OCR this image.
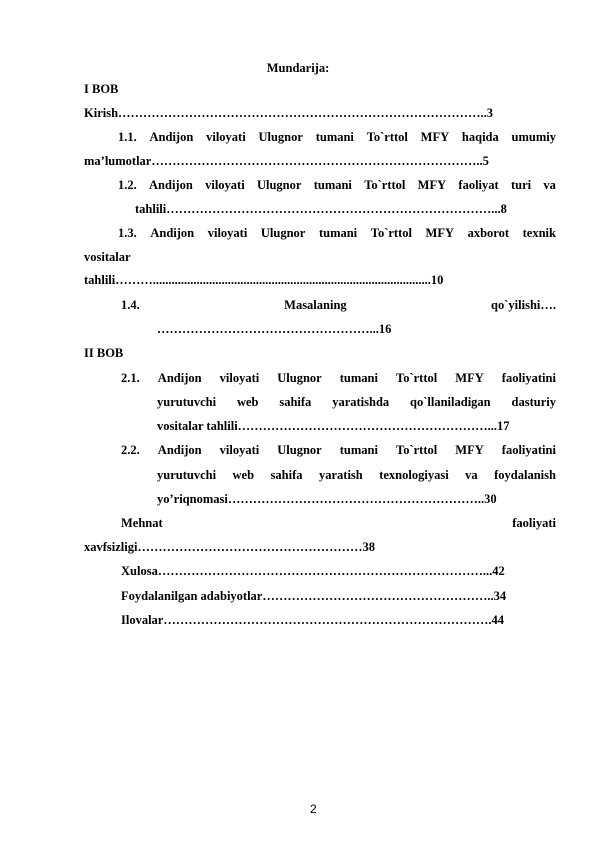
Mundarija:
I BOB
Kirish……………………………………………………………………………..3
1.1. Andijon viloyati Ulugnor tumani To`rttol MFY haqida umumiy
ma’lumotlar……………………………………………………………………..5
1.2. Andijon viloyati Ulugnor tumani To`rttol MFY faoliyat turi va
tahlili……………………………………………………………………...8
1.3. Andijon viloyati Ulugnor tumani To`rttol MFY axborot texnik
vositalar
tahlili……….........................................................................................10
1.4.	Masalaning	qo`yilishi….
……………………………………………...16
II BOB
2.1. Andijon viloyati Ulugnor tumani To`rttol MFY faoliyatini
yurutuvchi web sahifa yaratishda qo`llaniladigan dasturiy
vositalar tahlili……………………………………………………...17
2.2. Andijon viloyati Ulugnor tumani To`rttol MFY faoliyatini
yurutuvchi web sahifa yaratish texnologiyasi va foydalanish
yo’riqnomasi……………………………………………………..30
Mehnat	faoliyati
xavfsizligi………………………………………………38
Xulosa……………………………………………………………………...42
Foydalanilgan adabiyotlar………………………………………………..34
Ilovalar…………………………………………………………………….44
2
